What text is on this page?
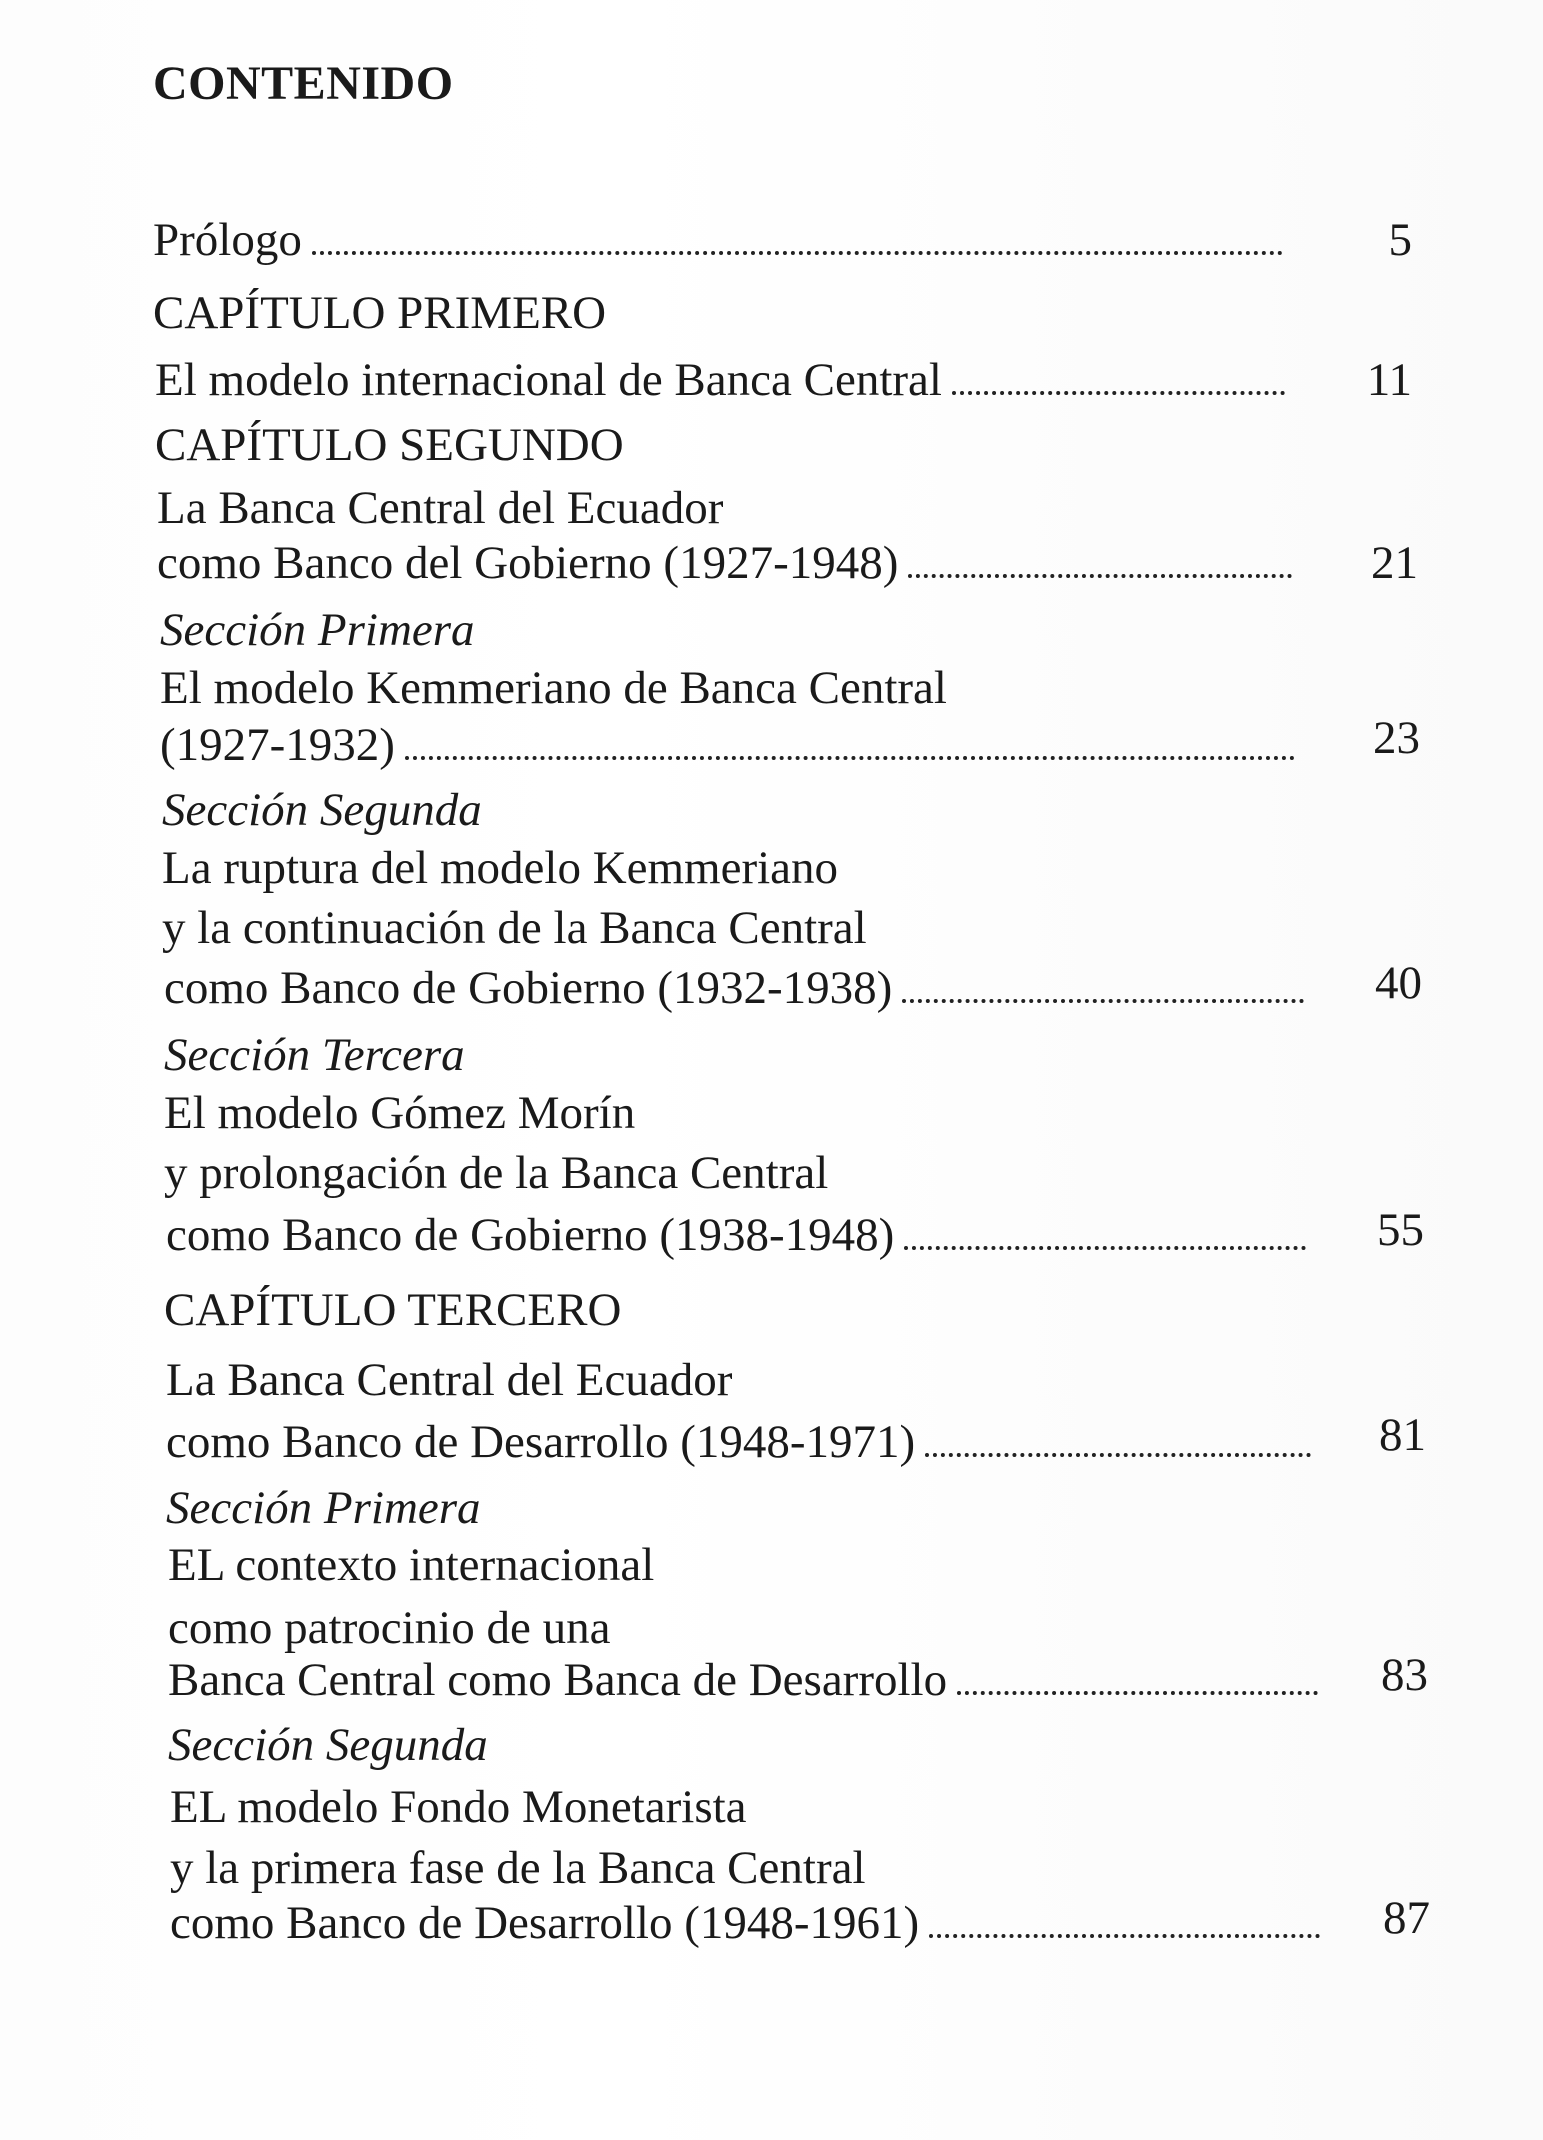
CONTENIDO
Prólogo	5
CAPÍTULO PRIMERO
El modelo internacional de Banca Central	11
CAPÍTULO SEGUNDO
La Banca Central del Ecuador
como Banco del Gobierno (1927-1948)	21
Sección Primera
El modelo Kemmeriano de Banca Central
(1927-1932)	23
Sección Segunda
La ruptura del modelo Kemmeriano
y la continuación de la Banca Central
como Banco de Gobierno (1932-1938)	40
Sección Tercera
El modelo Gómez Morín
y prolongación de la Banca Central
como Banco de Gobierno (1938-1948)	55
CAPÍTULO TERCERO
La Banca Central del Ecuador
como Banco de Desarrollo (1948-1971)	81
Sección Primera
EL contexto internacional
como patrocinio de una
Banca Central como Banca de Desarrollo	83
Sección Segunda
EL modelo Fondo Monetarista
y la primera fase de la Banca Central
como Banco de Desarrollo (1948-1961)	87
